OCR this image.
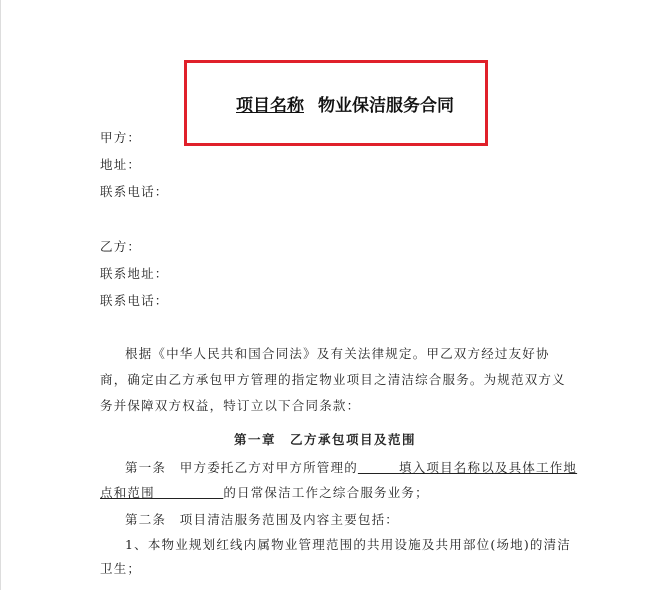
项目名称 物业保洁服务合同
甲方：
地址：
联系电话：
乙方：
联系地址：
联系电话：
根据《中华人民共和国合同法》及有关法律规定。甲乙双方经过友好协
商，确定由乙方承包甲方管理的指定物业项目之清洁综合服务。为规范双方义
务并保障双方权益，特订立以下合同条款：
第一章　乙方承包项目及范围
第一条　甲方委托乙方对甲方所管理的　　　填入项目名称以及具体工作地
点和范围　　　　　的日常保洁工作之综合服务业务；
第二条　项目清洁服务范围及内容主要包括：
1、本物业规划红线内属物业管理范围的共用设施及共用部位(场地)的清洁
卫生；
